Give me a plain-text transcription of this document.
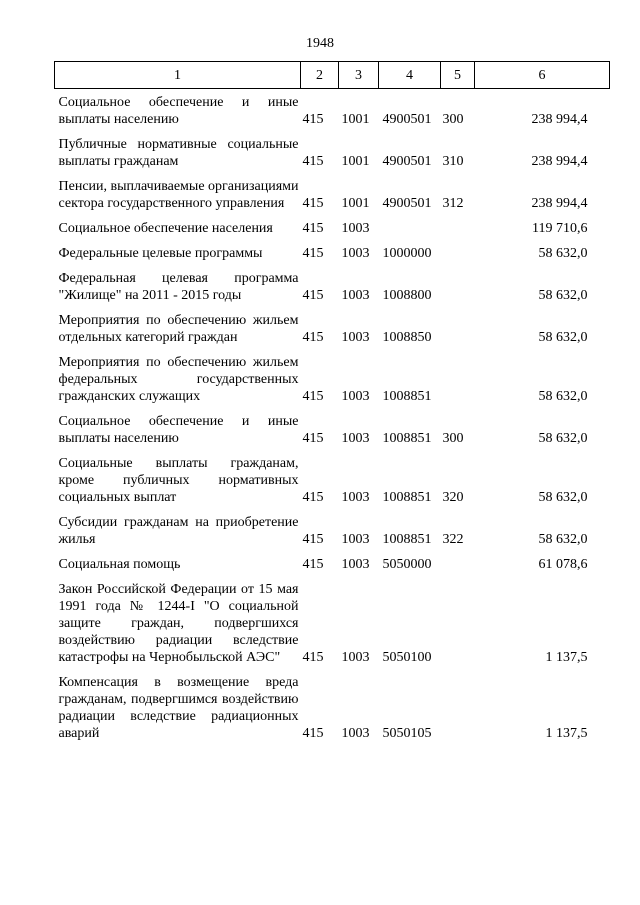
1948
1	2	3	4	5	6
Социальное обеспечение и иные выплаты населению	415	1001	4900501	300	238 994,4
Публичные нормативные социальные выплаты гражданам	415	1001	4900501	310	238 994,4
Пенсии, выплачиваемые организациями сектора государственного управления	415	1001	4900501	312	238 994,4
Социальное обеспечение населения	415	1003			119 710,6
Федеральные целевые программы	415	1003	1000000		58 632,0
Федеральная целевая программа "Жилище" на 2011 - 2015 годы	415	1003	1008800		58 632,0
Мероприятия по обеспечению жильем отдельных категорий граждан	415	1003	1008850		58 632,0
Мероприятия по обеспечению жильем федеральных государственных гражданских служащих	415	1003	1008851		58 632,0
Социальное обеспечение и иные выплаты населению	415	1003	1008851	300	58 632,0
Социальные выплаты гражданам, кроме публичных нормативных социальных выплат	415	1003	1008851	320	58 632,0
Субсидии гражданам на приобретение жилья	415	1003	1008851	322	58 632,0
Социальная помощь	415	1003	5050000		61 078,6
Закон Российской Федерации от 15 мая 1991 года № 1244-I "О социальной защите граждан, подвергшихся воздействию радиации вследствие катастрофы на Чернобыльской АЭС"	415	1003	5050100		1 137,5
Компенсация в возмещение вреда гражданам, подвергшимся воздействию радиации вследствие радиационных аварий	415	1003	5050105		1 137,5
